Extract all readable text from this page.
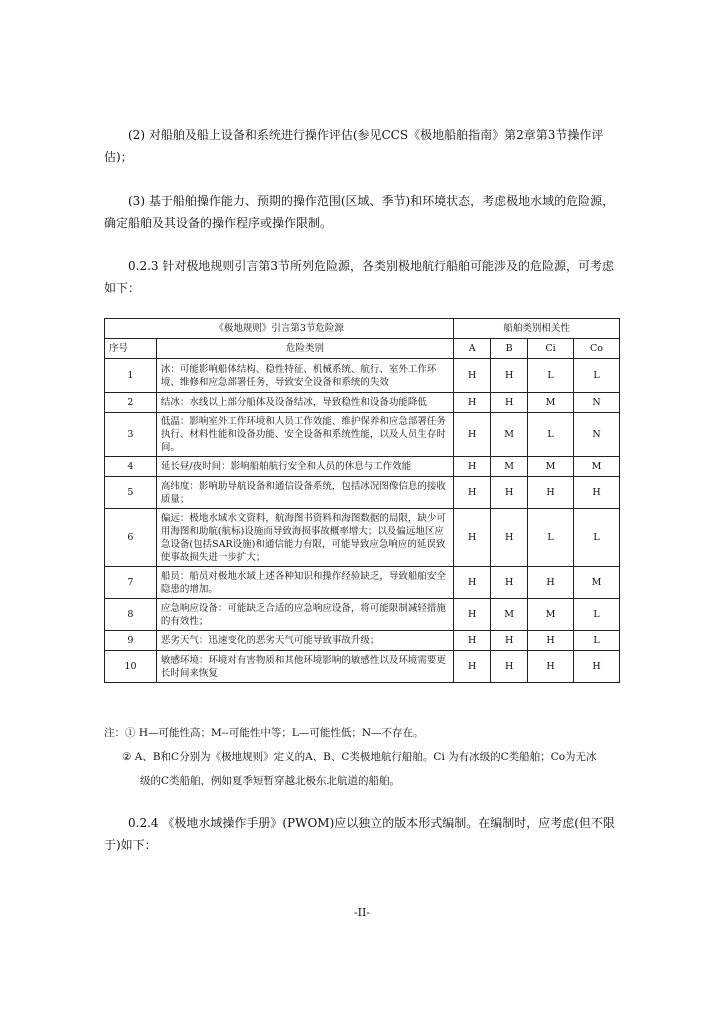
(2) 对船舶及船上设备和系统进行操作评估(参见CCS《极地船舶指南》第2章第3节操作评估)；

(3) 基于船舶操作能力、预期的操作范围(区域、季节)和环境状态，考虑极地水域的危险源，确定船舶及其设备的操作程序或操作限制。

0.2.3 针对极地规则引言第3节所列危险源，各类别极地航行船舶可能涉及的危险源，可考虑如下：

《极地规则》引言第3节危险源		船舶类别相关性			
序号	危险类别	A	B	Ci	Co
1	冰：可能影响船体结构、稳性特征、机械系统、航行、室外工作环境、维修和应急部署任务，导致安全设备和系统的失效	H	H	L	L
2	结冰：水线以上部分船体及设备结冰，导致稳性和设备功能降低	H	H	M	N
3	低温：影响室外工作环境和人员工作效能、维护保养和应急部署任务执行、材料性能和设备功能、安全设备和系统性能，以及人员生存时间。	H	M	L	N
4	延长昼/夜时间：影响船舶航行安全和人员的休息与工作效能	H	M	M	M
5	高纬度：影响助导航设备和通信设备系统，包括冰况图像信息的接收质量；	H	H	H	H
6	偏远：极地水域水文资料，航海图书资料和海图数据的局限，缺少可用海图和助航(航标)设施而导致海损事故概率增大；以及偏远地区应急设备(包括SAR设施)和通信能力有限，可能导致应急响应的延误致使事故损失进一步扩大；	H	H	L	L
7	船员：船员对极地水域上述各种知识和操作经验缺乏，导致船舶安全隐患的增加。	H	H	H	M
8	应急响应设备：可能缺乏合适的应急响应设备，将可能限制减轻措施的有效性；	H	M	M	L
9	恶劣天气：迅速变化的恶劣天气可能导致事故升级；	H	H	H	L
10	敏感环境：环境对有害物质和其他环境影响的敏感性以及环境需要更长时间来恢复	H	H	H	H
注：① H—可能性高；M--可能性中等；L—可能性低；N—不存在。
② A、B和C分别为《极地规则》定义的A、B、C类极地航行船舶。Ci 为有冰级的C类船舶；Co为无冰
级的C类船舶，例如夏季短暂穿越北极东北航道的船舶。

0.2.4 《极地水域操作手册》(PWOM)应以独立的版本形式编制。在编制时，应考虑(但不限于)如下：

-II-
